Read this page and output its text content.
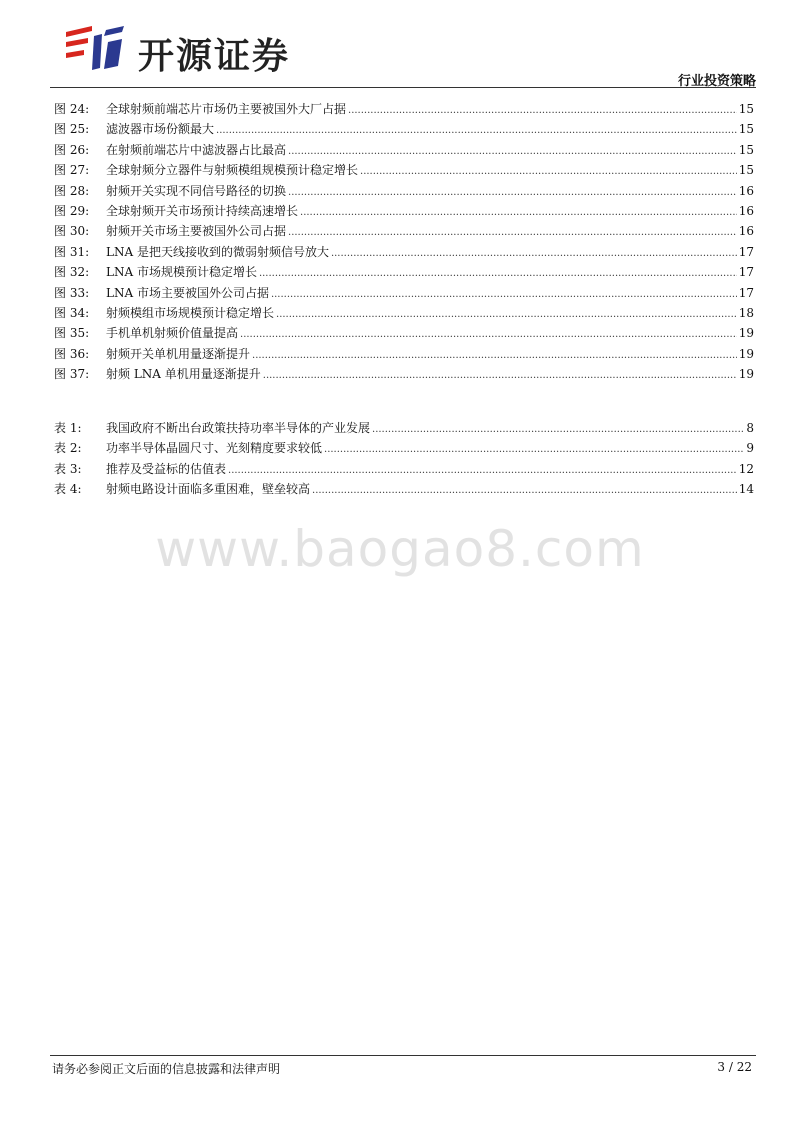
开源证券
行业投资策略
图 24:	全球射频前端芯片市场仍主要被国外大厂占据 .....	15
图 25:	滤波器市场份额最大 .....	15
图 26:	在射频前端芯片中滤波器占比最高 .....	15
图 27:	全球射频分立器件与射频模组规模预计稳定增长 .....	15
图 28:	射频开关实现不同信号路径的切换 .....	16
图 29:	全球射频开关市场预计持续高速增长 .....	16
图 30:	射频开关市场主要被国外公司占据 .....	16
图 31:	LNA 是把天线接收到的微弱射频信号放大 .....	17
图 32:	LNA 市场规模预计稳定增长 .....	17
图 33:	LNA 市场主要被国外公司占据 .....	17
图 34:	射频模组市场规模预计稳定增长 .....	18
图 35:	手机单机射频价值量提高 .....	19
图 36:	射频开关单机用量逐渐提升 .....	19
图 37:	射频 LNA 单机用量逐渐提升 .....	19
表 1:	我国政府不断出台政策扶持功率半导体的产业发展 .....	8
表 2:	功率半导体晶圆尺寸、光刻精度要求较低 .....	9
表 3:	推荐及受益标的估值表 .....	12
表 4:	射频电路设计面临多重困难，壁垒较高 .....	14
www.baogao8.com
请务必参阅正文后面的信息披露和法律声明	3 / 22
